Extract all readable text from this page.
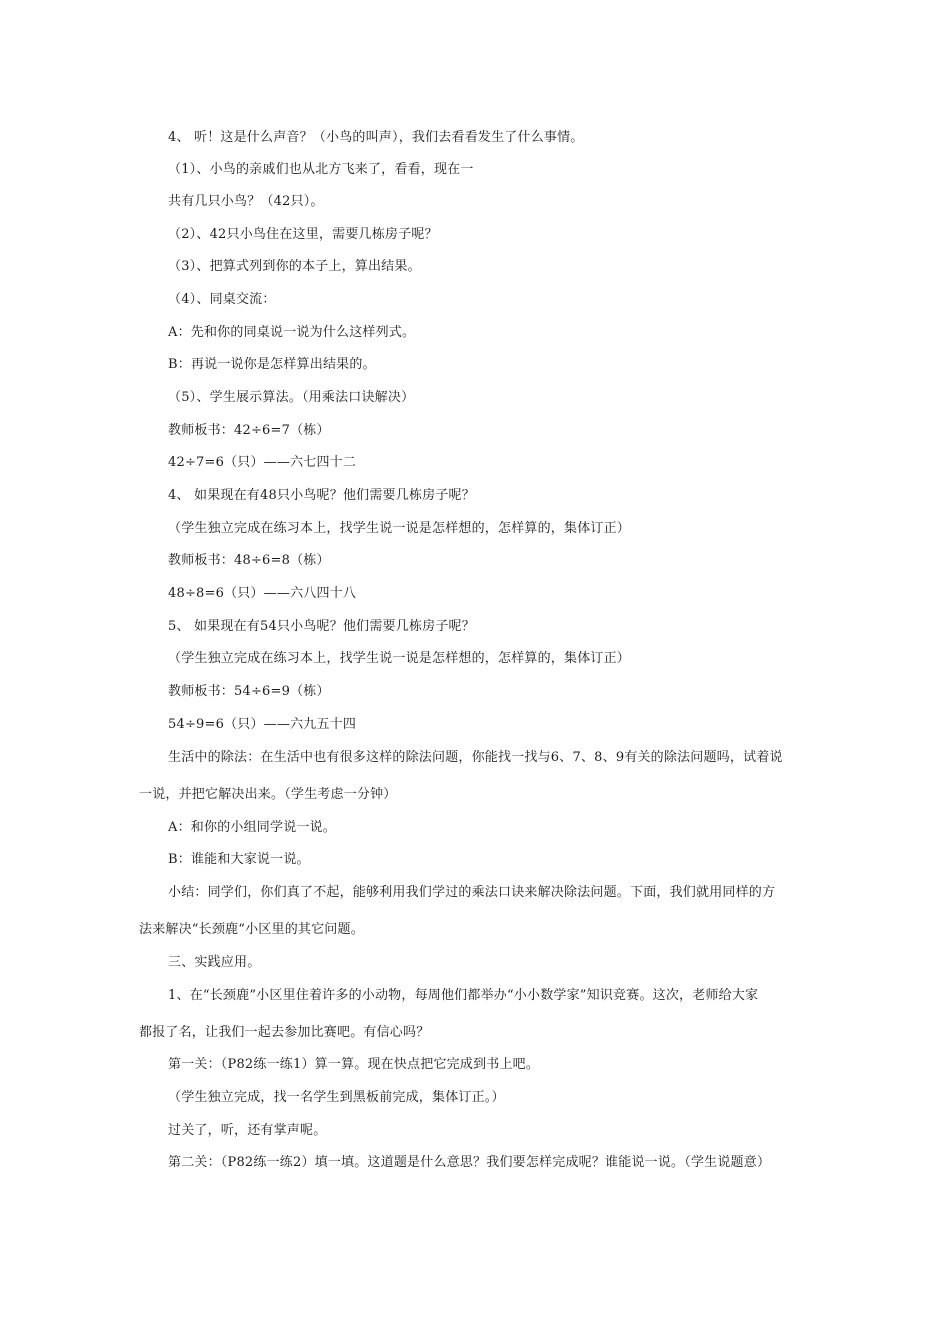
4、 听！这是什么声音？（小鸟的叫声），我们去看看发生了什么事情。
（1）、小鸟的亲戚们也从北方飞来了，看看，现在一
共有几只小鸟？（42只）。
（2）、42只小鸟住在这里，需要几栋房子呢？
（3）、把算式列到你的本子上，算出结果。
（4）、同桌交流：
A：先和你的同桌说一说为什么这样列式。
B：再说一说你是怎样算出结果的。
（5）、学生展示算法。（用乘法口诀解决）
教师板书：42÷6=7（栋）
42÷7=6（只）——六七四十二
4、 如果现在有48只小鸟呢？他们需要几栋房子呢？
（学生独立完成在练习本上，找学生说一说是怎样想的，怎样算的，集体订正）
教师板书：48÷6=8（栋）
48÷8=6（只）——六八四十八
5、 如果现在有54只小鸟呢？他们需要几栋房子呢？
（学生独立完成在练习本上，找学生说一说是怎样想的，怎样算的，集体订正）
教师板书：54÷6=9（栋）
54÷9=6（只）——六九五十四
生活中的除法：在生活中也有很多这样的除法问题，你能找一找与6、7、8、9有关的除法问题吗，试着说
一说，并把它解决出来。（学生考虑一分钟）
A：和你的小组同学说一说。
B：谁能和大家说一说。
小结：同学们，你们真了不起，能够利用我们学过的乘法口诀来解决除法问题。下面，我们就用同样的方
法来解决“长颈鹿“小区里的其它问题。
三、实践应用。
1、在“长颈鹿”小区里住着许多的小动物，每周他们都举办“小小数学家”知识竞赛。这次，老师给大家
都报了名，让我们一起去参加比赛吧。有信心吗？
第一关：（P82练一练1）算一算。现在快点把它完成到书上吧。
（学生独立完成，找一名学生到黑板前完成，集体订正。）
过关了，听，还有掌声呢。
第二关：（P82练一练2）填一填。这道题是什么意思？我们要怎样完成呢？谁能说一说。（学生说题意）
